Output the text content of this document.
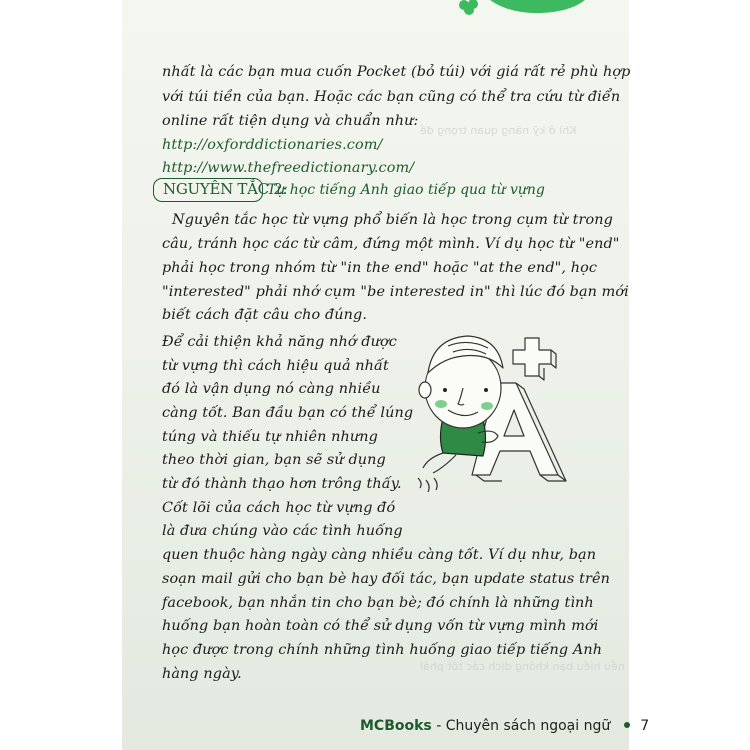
Khi ở kỹ năng quan trọng để
nếu hiểu bạn không dịch các tốt phải
nhất là các bạn mua cuốn Pocket (bỏ túi) với giá rất rẻ phù hợp
với túi tiền của bạn. Hoặc các bạn cũng có thể tra cứu từ điển
online rất tiện dụng và chuẩn như:
http://oxforddictionaries.com/
http://www.thefreedictionary.com/
NGUYÊN TẮC 2:
Tự học tiếng Anh giao tiếp qua từ vựng
Nguyên tắc học từ vựng phổ biến là học trong cụm từ trong
câu, tránh học các từ câm, đứng một mình. Ví dụ học từ "end"
phải học trong nhóm từ "in the end" hoặc "at the end", học
"interested" phải nhớ cụm "be interested in" thì lúc đó bạn mới
biết cách đặt câu cho đúng.
Để cải thiện khả năng nhớ được
từ vựng thì cách hiệu quả nhất
đó là vận dụng nó càng nhiều
càng tốt. Ban đầu bạn có thể lúng
túng và thiếu tự nhiên nhưng
theo thời gian, bạn sẽ sử dụng
từ đó thành thạo hơn trông thấy.
Cốt lõi của cách học từ vựng đó
là đưa chúng vào các tình huống
quen thuộc hàng ngày càng nhiều càng tốt. Ví dụ như, bạn
soạn mail gửi cho bạn bè hay đối tác, bạn update status trên
facebook, bạn nhắn tin cho bạn bè; đó chính là những tình
huống bạn hoàn toàn có thể sử dụng vốn từ vựng mình mới
học được trong chính những tình huống giao tiếp tiếng Anh
hàng ngày.
MCBooks - Chuyên sách ngoại ngữ 7
